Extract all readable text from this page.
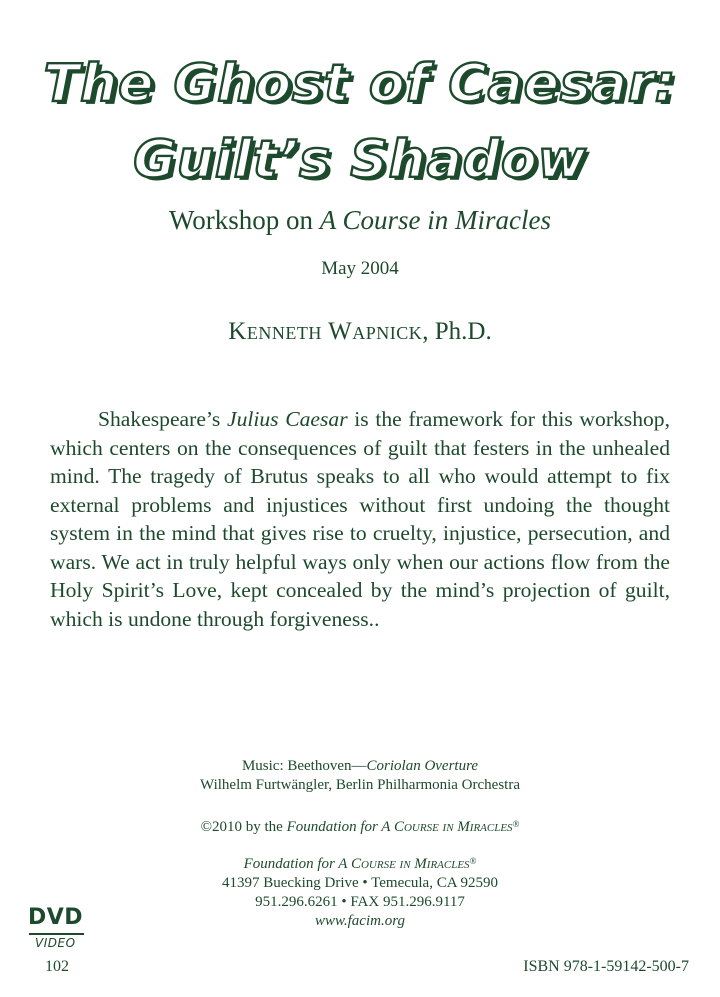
The Ghost of Caesar:
Guilt’s Shadow
Workshop on A Course in Miracles
May 2004
Kenneth Wapnick, Ph.D.
Shakespeare’s Julius Caesar is the framework for this workshop, which centers on the consequences of guilt that festers in the unhealed mind. The tragedy of Brutus speaks to all who would attempt to fix external problems and injustices without first undoing the thought system in the mind that gives rise to cruelty, injustice, persecution, and wars. We act in truly helpful ways only when our actions flow from the Holy Spirit’s Love, kept concealed by the mind’s projection of guilt, which is undone through forgiveness..
Music: Beethoven—Coriolan Overture
Wilhelm Furtwängler, Berlin Philharmonia Orchestra
©2010 by the Foundation for A Course in Miracles®
Foundation for A Course in Miracles®
41397 Buecking Drive • Temecula, CA 92590
951.296.6261 • FAX 951.296.9117
www.facim.org
DVD
VIDEO
102	ISBN 978-1-59142-500-7
